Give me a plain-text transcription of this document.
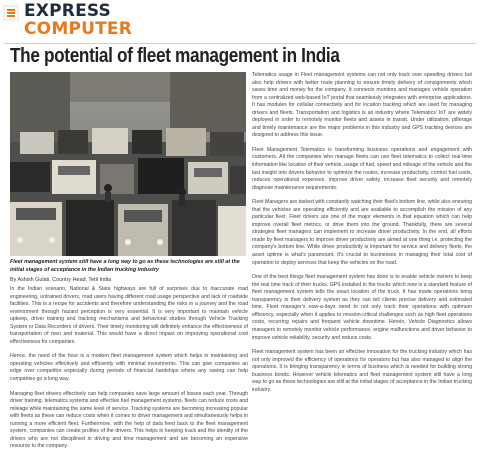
EXPRESS
COMPUTER
The potential of fleet management in India
Fleet management system still have a long way to go as these technologies are still at the initial stages of acceptance in the Indian trucking industry
By Ashish Gulati, Country Head, Tetil India

In the Indian scenario, National & State highways are full of surprises due to inaccurate road engineering, untrained drivers, road users having different road usage perspective and lack of roadside facilities. This is a recipe for accidents and therefore understanding the risks in a journey and the road environment through hazard perception is very essential. It is very important to maintain vehicle upkeep, driver training and tracking mechanisms and behavioral studies through Vehicle Tracking System or Data Recorders of drivers. Their timely monitoring will definitely enhance the effectiveness of transportation of men and material. This would have a direct impact on improving operational cost effectiveness for companies.

Hence, the need of the hour is a modern fleet management system which helps in maintaining and operating vehicles effectively and efficiently with minimal investments. This can give companies an edge over competitor especially during periods of financial hardships where any saving can help companies go a long way.

Managing fleet drivers effectively can help companies save large amount of losses each year. Through driver training, telematics systems and effective fuel management systems, fleets can reduce costs and mileage while maintaining the same level of service. Tracking systems are becoming increasing popular with fleets as these can reduce costs when it comes to driver management and simultaneously helps in running a more efficient fleet. Furthermore, with the help of data feed back to the fleet management system, companies can create profiles of the drivers. This helps in keeping track and the identity of the drivers who are not disciplined in driving and time management and are becoming an expensive resource to the company.

Telematics usage in Fleet management systems can not only track over speeding drivers but also help drivers with better route planning to ensure timely delivery of consignments which saves time and money for the company. It connects monitors and manages vehicle operation from a centralized web-based IoT portal that seamlessly integrates with enterprise applications. It has modules for cellular connectivity and for location tracking which are used for managing drivers and fleets. Transportation and logistics is an industry where Telematics' IoT are widely deployed in order to remotely monitor fleets and assets in transit. Under utilization, pilferage and timely maintenance are the major problems in this industry and GPS tracking devices are designed to address this issue.

Fleet Management Telematics is transforming business operations and engagement with customers. All the companies who manage fleets can use fleet telematics to collect real-time information like location of their vehicle, usage of fuel, speed and mileage of the vehicle and the last insight into drivers behavior to optimize the routes, increase productivity, control fuel costs, reduces operational expenses, improve driver safety, increase fleet security and remotely diagnose maintenance requirements.

Fleet Managers are tasked with constantly watching their fleet's bottom line, while also ensuring that the vehicles are operating efficiently and are available to accomplish the mission of any particular fleet. Fleet drivers are one of the major elements in that equation which can help improve overall fleet metrics, or drive them into the ground. Thankfully, there are several strategies fleet managers can implement to increase driver productivity. In the end, all efforts made by fleet managers to improve driver productivity are aimed at one thing i.e. protecting the company's bottom line. While driver productivity is important for service and delivery fleets, the asset uptime is what's paramount. It's crucial to businesses in managing their total cost of operation to deploy services that keep the vehicles on the road.

One of the best things fleet management system has done is to enable vehicle owners to keep the real time track of their trucks. GPS installed in the trucks which now is a standard feature of fleet management system tells the exact location of the truck. It has made operations bring transparency in their delivery system as they can tell clients precise delivery and estimated time. Fleet manager's now-a-days need to not only track their operations with optimum efficiency, especially when it applies to mission-critical challenges such as high fleet operations costs, recurring repairs and frequent vehicle downtime. Herein, Vehicle Diagnostics allows managers to remotely monitor vehicle performance, engine malfunctions and driver behavior to improve vehicle reliability, security and reduce costs.

Fleet management system has been an effective innovation for the trucking industry which has not only improved the efficiency of operations for operators but has also managed to align the operations. It is bringing transparency in terms of business which is needed for building strong business bonds. However vehicle telematics and fleet management system still have a long way to go as these technologies are still at the initial stages of acceptance in the Indian trucking industry.
